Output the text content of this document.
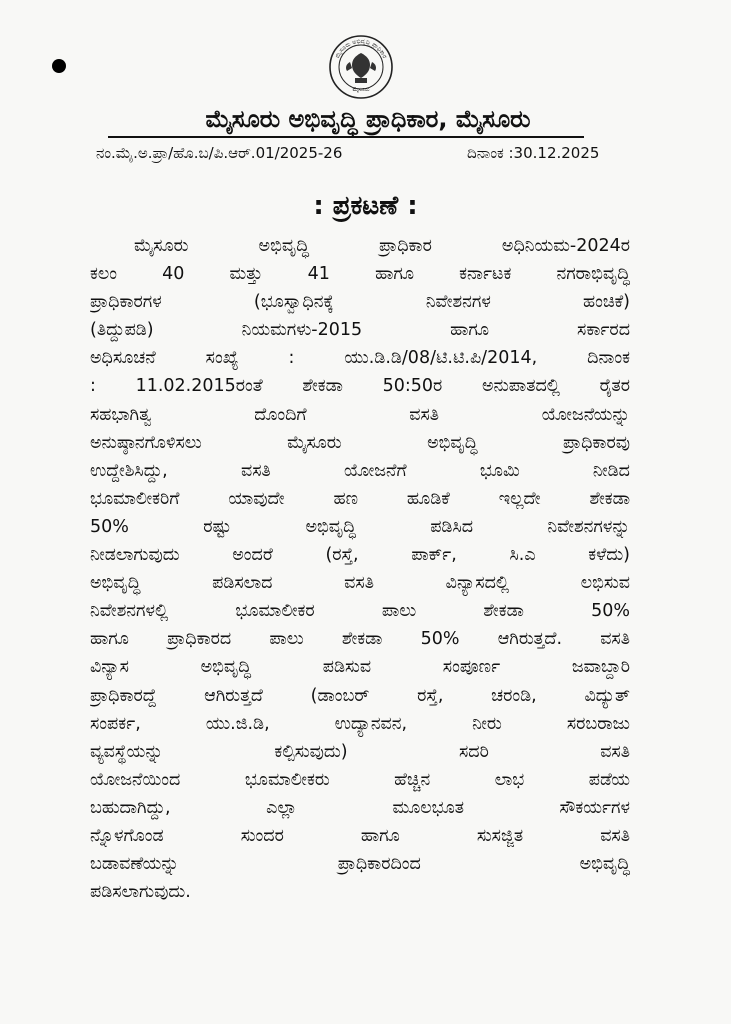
ಮೈಸೂರು ಅಭಿವೃದ್ಧಿ ಪ್ರಾಧಿಕಾರ
ಮೈಸೂರು
ಮೈಸೂರು ಅಭಿವೃದ್ಧಿ ಪ್ರಾಧಿಕಾರ, ಮೈಸೂರು
ನಂ.ಮೈ.ಅ.ಪ್ರಾ/ಹೊ.ಬ/ಪಿ.ಆರ್.01/2025-26	ದಿನಾಂಕ :30.12.2025
: ಪ್ರಕಟಣೆ :
ಮೈಸೂರು ಅಭಿವೃದ್ಧಿ ಪ್ರಾಧಿಕಾರ ಅಧಿನಿಯಮ-2024ರ
ಕಲಂ 40 ಮತ್ತು 41 ಹಾಗೂ ಕರ್ನಾಟಕ ನಗರಾಭಿವೃದ್ಧಿ
ಪ್ರಾಧಿಕಾರಗಳ (ಭೂಸ್ವಾಧಿನಕ್ಕೆ ನಿವೇಶನಗಳ ಹಂಚಿಕೆ)
(ತಿದ್ದುಪಡಿ) ನಿಯಮಗಳು-2015 ಹಾಗೂ ಸರ್ಕಾರದ
ಅಧಿಸೂಚನೆ ಸಂಖ್ಯೆ : ಯು.ಡಿ.ಡಿ/08/ಟಿ.ಟಿ.ಪಿ/2014, ದಿನಾಂಕ
: 11.02.2015ರಂತೆ ಶೇಕಡಾ 50:50ರ ಅನುಪಾತದಲ್ಲಿ ರೈತರ
ಸಹಭಾಗಿತ್ವ ದೊಂದಿಗೆ ವಸತಿ ಯೋಜನೆಯನ್ನು
ಅನುಷ್ಠಾನಗೊಳಿಸಲು ಮೈಸೂರು ಅಭಿವೃದ್ಧಿ ಪ್ರಾಧಿಕಾರವು
ಉದ್ದೇಶಿಸಿದ್ದು, ವಸತಿ ಯೋಜನೆಗೆ ಭೂಮಿ ನೀಡಿದ
ಭೂಮಾಲೀಕರಿಗೆ ಯಾವುದೇ ಹಣ ಹೂಡಿಕೆ ಇಲ್ಲದೇ ಶೇಕಡಾ
50% ರಷ್ಟು ಅಭಿವೃದ್ಧಿ ಪಡಿಸಿದ ನಿವೇಶನಗಳನ್ನು
ನೀಡಲಾಗುವುದು ಅಂದರೆ (ರಸ್ತೆ, ಪಾರ್ಕ್, ಸಿ.ಎ ಕಳೆದು)
ಅಭಿವೃದ್ಧಿ ಪಡಿಸಲಾದ ವಸತಿ ವಿನ್ಯಾಸದಲ್ಲಿ ಲಭಿಸುವ
ನಿವೇಶನಗಳಲ್ಲಿ ಭೂಮಾಲೀಕರ ಪಾಲು ಶೇಕಡಾ 50%
ಹಾಗೂ ಪ್ರಾಧಿಕಾರದ ಪಾಲು ಶೇಕಡಾ 50% ಆಗಿರುತ್ತದೆ. ವಸತಿ
ವಿನ್ಯಾಸ ಅಭಿವೃದ್ಧಿ ಪಡಿಸುವ ಸಂಪೂರ್ಣ ಜವಾಬ್ದಾರಿ
ಪ್ರಾಧಿಕಾರದ್ದೆ ಆಗಿರುತ್ತದೆ (ಡಾಂಬರ್ ರಸ್ತೆ, ಚರಂಡಿ, ವಿದ್ಯುತ್
ಸಂಪರ್ಕ, ಯು.ಜಿ.ಡಿ, ಉದ್ಯಾನವನ, ನೀರು ಸರಬರಾಜು
ವ್ಯವಸ್ಥೆಯನ್ನು ಕಲ್ಪಿಸುವುದು) ಸದರಿ ವಸತಿ
ಯೋಜನೆಯಿಂದ ಭೂಮಾಲೀಕರು ಹೆಚ್ಚಿನ ಲಾಭ ಪಡೆಯ
ಬಹುದಾಗಿದ್ದು, ಎಲ್ಲಾ ಮೂಲಭೂತ ಸೌಕರ್ಯಗಳ
ನ್ನೊಳಗೊಂಡ ಸುಂದರ ಹಾಗೂ ಸುಸಜ್ಜಿತ ವಸತಿ
ಬಡಾವಣೆಯನ್ನು ಪ್ರಾಧಿಕಾರದಿಂದ ಅಭಿವೃದ್ಧಿ
ಪಡಿಸಲಾಗುವುದು.
